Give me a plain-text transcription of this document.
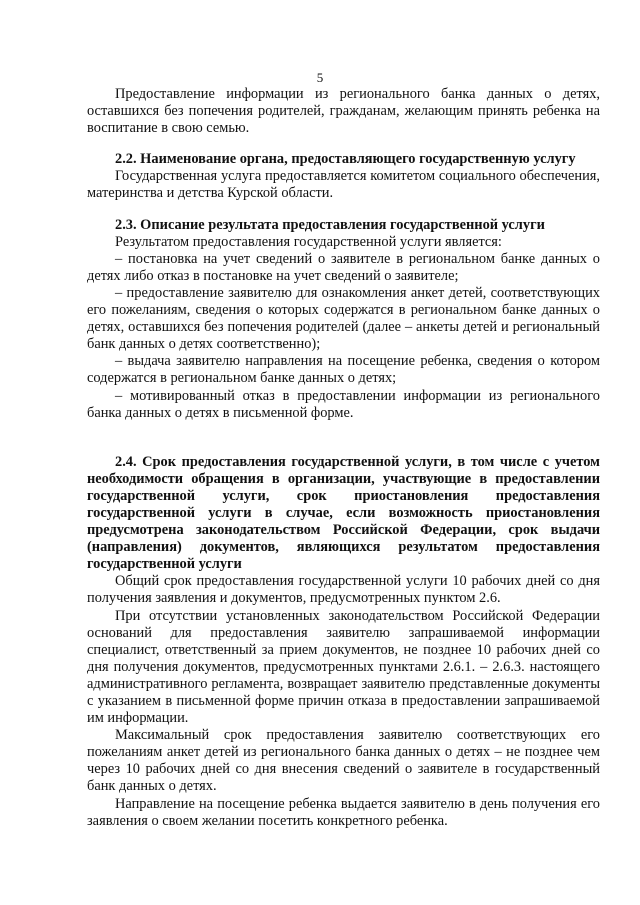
5

Предоставление информации из регионального банка данных о детях, оставшихся без попечения родителей, гражданам, желающим принять ребенка на воспитание в свою семью.

2.2. Наименование органа, предоставляющего государственную услугу

Государственная услуга предоставляется комитетом социального обеспечения, материнства и детства Курской области.

2.3. Описание результата предоставления государственной услуги

Результатом предоставления государственной услуги является:

– постановка на учет сведений о заявителе в региональном банке данных о детях либо отказ в постановке на учет сведений о заявителе;

– предоставление заявителю для ознакомления анкет детей, соответствующих его пожеланиям, сведения о которых содержатся в региональном банке данных о детях, оставшихся без попечения родителей (далее – анкеты детей и региональный банк данных о детях соответственно);

– выдача заявителю направления на посещение ребенка, сведения о котором содержатся в региональном банке данных о детях;

– мотивированный отказ в предоставлении информации из регионального банка данных о детях в письменной форме.

2.4. Срок предоставления государственной услуги, в том числе с учетом необходимости обращения в организации, участвующие в предоставлении государственной услуги, срок приостановления предоставления государственной услуги в случае, если возможность приостановления предусмотрена законодательством Российской Федерации, срок выдачи (направления) документов, являющихся результатом предоставления государственной услуги

Общий срок предоставления государственной услуги 10 рабочих дней со дня получения заявления и документов, предусмотренных пунктом 2.6.

При отсутствии установленных законодательством Российской Федерации оснований для предоставления заявителю запрашиваемой информации специалист, ответственный за прием документов, не позднее 10 рабочих дней со дня получения документов, предусмотренных пунктами 2.6.1. – 2.6.3. настоящего административного регламента, возвращает заявителю представленные документы с указанием в письменной форме причин отказа в предоставлении запрашиваемой им информации.

Максимальный срок предоставления заявителю соответствующих его пожеланиям анкет детей из регионального банка данных о детях – не позднее чем через 10 рабочих дней со дня внесения сведений о заявителе в государственный банк данных о детях.

Направление на посещение ребенка выдается заявителю в день получения его заявления о своем желании посетить конкретного ребенка.
